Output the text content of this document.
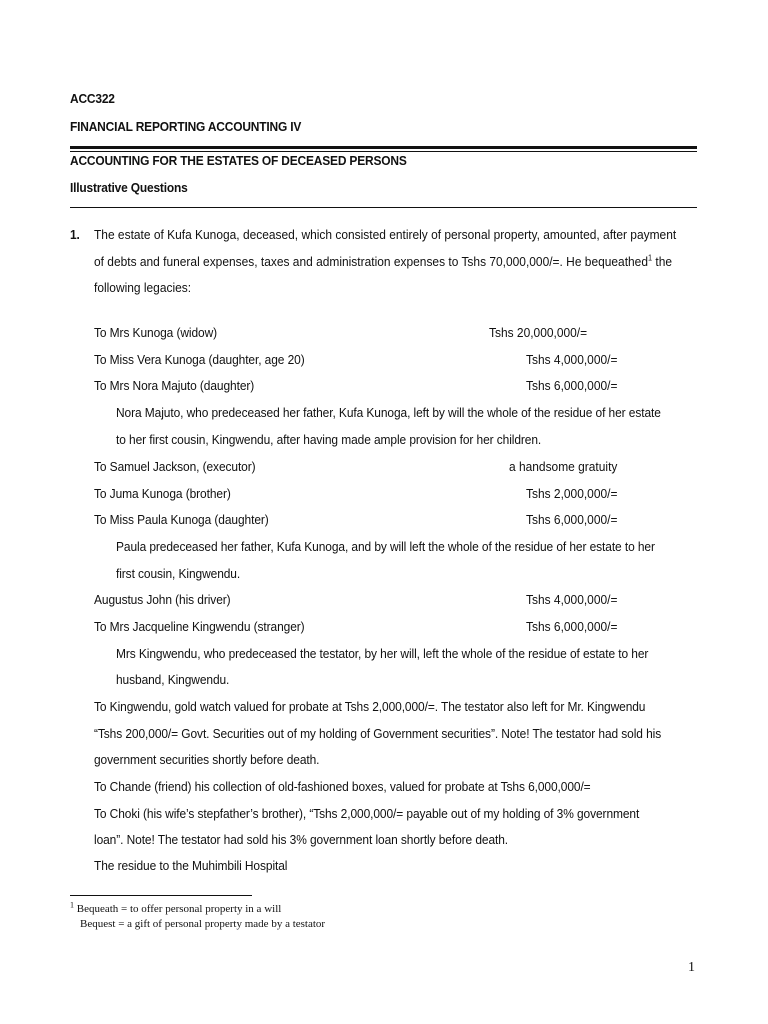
ACC322
FINANCIAL REPORTING ACCOUNTING IV
ACCOUNTING FOR THE ESTATES OF DECEASED PERSONS
Illustrative Questions
1. The estate of Kufa Kunoga, deceased, which consisted entirely of personal property, amounted, after payment
of debts and funeral expenses, taxes and administration expenses to Tshs 70,000,000/=. He bequeathed$^1$ the
following legacies:
To Mrs Kunoga (widow)	Tshs 20,000,000/=
To Miss Vera Kunoga (daughter, age 20)	Tshs 4,000,000/=
To Mrs Nora Majuto (daughter)	Tshs 6,000,000/=
Nora Majuto, who predeceased her father, Kufa Kunoga, left by will the whole of the residue of her estate
to her first cousin, Kingwendu, after having made ample provision for her children.
To Samuel Jackson, (executor)	a handsome gratuity
To Juma Kunoga (brother)	Tshs 2,000,000/=
To Miss Paula Kunoga (daughter)	Tshs 6,000,000/=
Paula predeceased her father, Kufa Kunoga, and by will left the whole of the residue of her estate to her
first cousin, Kingwendu.
Augustus John (his driver)	Tshs 4,000,000/=
To Mrs Jacqueline Kingwendu (stranger)	Tshs 6,000,000/=
Mrs Kingwendu, who predeceased the testator, by her will, left the whole of the residue of estate to her
husband, Kingwendu.
To Kingwendu, gold watch valued for probate at Tshs 2,000,000/=. The testator also left for Mr. Kingwendu
“Tshs 200,000/= Govt. Securities out of my holding of Government securities”. Note! The testator had sold his
government securities shortly before death.
To Chande (friend) his collection of old-fashioned boxes, valued for probate at Tshs 6,000,000/=
To Choki (his wife’s stepfather’s brother), “Tshs 2,000,000/= payable out of my holding of 3% government
loan”. Note! The testator had sold his 3% government loan shortly before death.
The residue to the Muhimbili Hospital
$^1$ Bequeath = to offer personal property in a will
Bequest = a gift of personal property made by a testator
1
